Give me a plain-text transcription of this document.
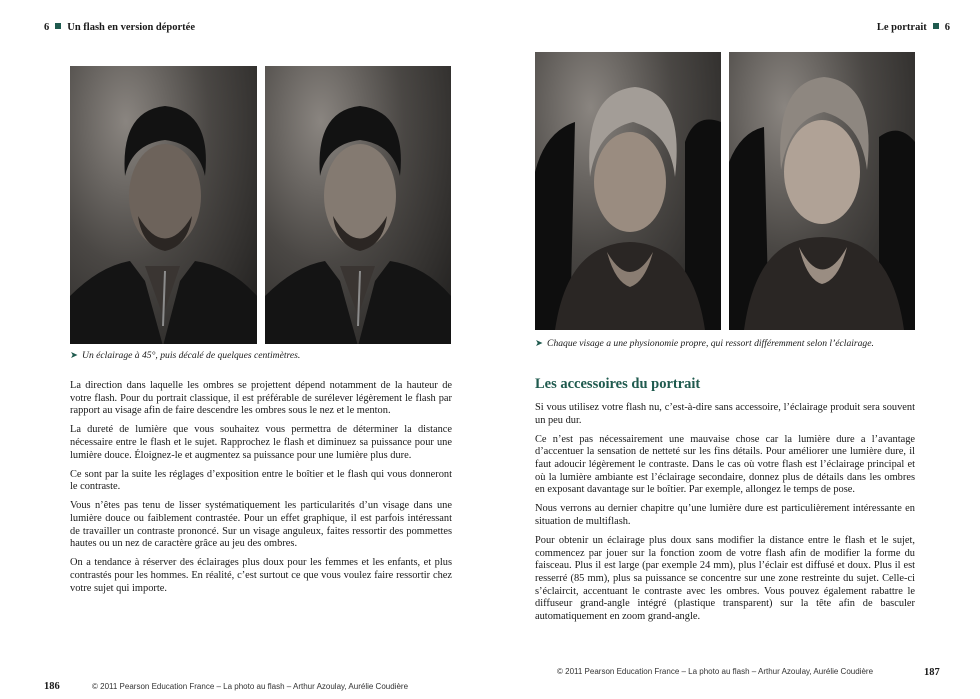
6 Un flash en version déportée
➤ Un éclairage à 45°, puis décalé de quelques centimètres.

La direction dans laquelle les ombres se projettent dépend notamment de la hauteur de votre flash. Pour du portrait classique, il est préférable de surélever légèrement le flash par rapport au visage afin de faire descendre les ombres sous le nez et le menton.

La dureté de lumière que vous souhaitez vous permettra de déterminer la distance nécessaire entre le flash et le sujet. Rapprochez le flash et diminuez sa puissance pour une lumière douce. Éloignez-le et augmentez sa puissance pour une lumière plus dure.

Ce sont par la suite les réglages d’exposition entre le boîtier et le flash qui vous donneront le contraste.

Vous n’êtes pas tenu de lisser systématiquement les particularités d’un visage dans une lumière douce ou faiblement contrastée. Pour un effet graphique, il est parfois intéressant de travailler un contraste prononcé. Sur un visage anguleux, faites ressortir des pommettes hautes ou un nez de caractère grâce au jeu des ombres.

On a tendance à réserver des éclairages plus doux pour les femmes et les enfants, et plus contrastés pour les hommes. En réalité, c’est surtout ce que vous voulez faire ressortir chez votre sujet qui importe.

186	© 2011 Pearson Education France – La photo au flash – Arthur Azoulay, Aurélie Coudière
Le portrait 6
➤ Chaque visage a une physionomie propre, qui ressort différemment selon l’éclairage.
Les accessoires du portrait

Si vous utilisez votre flash nu, c’est-à-dire sans accessoire, l’éclairage produit sera souvent un peu dur.

Ce n’est pas nécessairement une mauvaise chose car la lumière dure a l’avantage d’accentuer la sensation de netteté sur les fins détails. Pour améliorer une lumière dure, il faut adoucir légèrement le contraste. Dans le cas où votre flash est l’éclairage principal et où la lumière ambiante est l’éclairage secondaire, donnez plus de détails dans les ombres en exposant davantage sur le boîtier. Par exemple, allongez le temps de pose.

Nous verrons au dernier chapitre qu’une lumière dure est particulièrement intéressante en situation de multiflash.

Pour obtenir un éclairage plus doux sans modifier la distance entre le flash et le sujet, commencez par jouer sur la fonction zoom de votre flash afin de modifier la forme du faisceau. Plus il est large (par exemple 24 mm), plus l’éclair est diffusé et doux. Plus il est resserré (85 mm), plus sa puissance se concentre sur une zone restreinte du sujet. Celle-ci s’éclaircit, accentuant le contraste avec les ombres. Vous pouvez également rabattre le diffuseur grand-angle intégré (plastique transparent) sur la tête afin de basculer automatiquement en zoom grand-angle.

© 2011 Pearson Education France – La photo au flash – Arthur Azoulay, Aurélie Coudière	187
